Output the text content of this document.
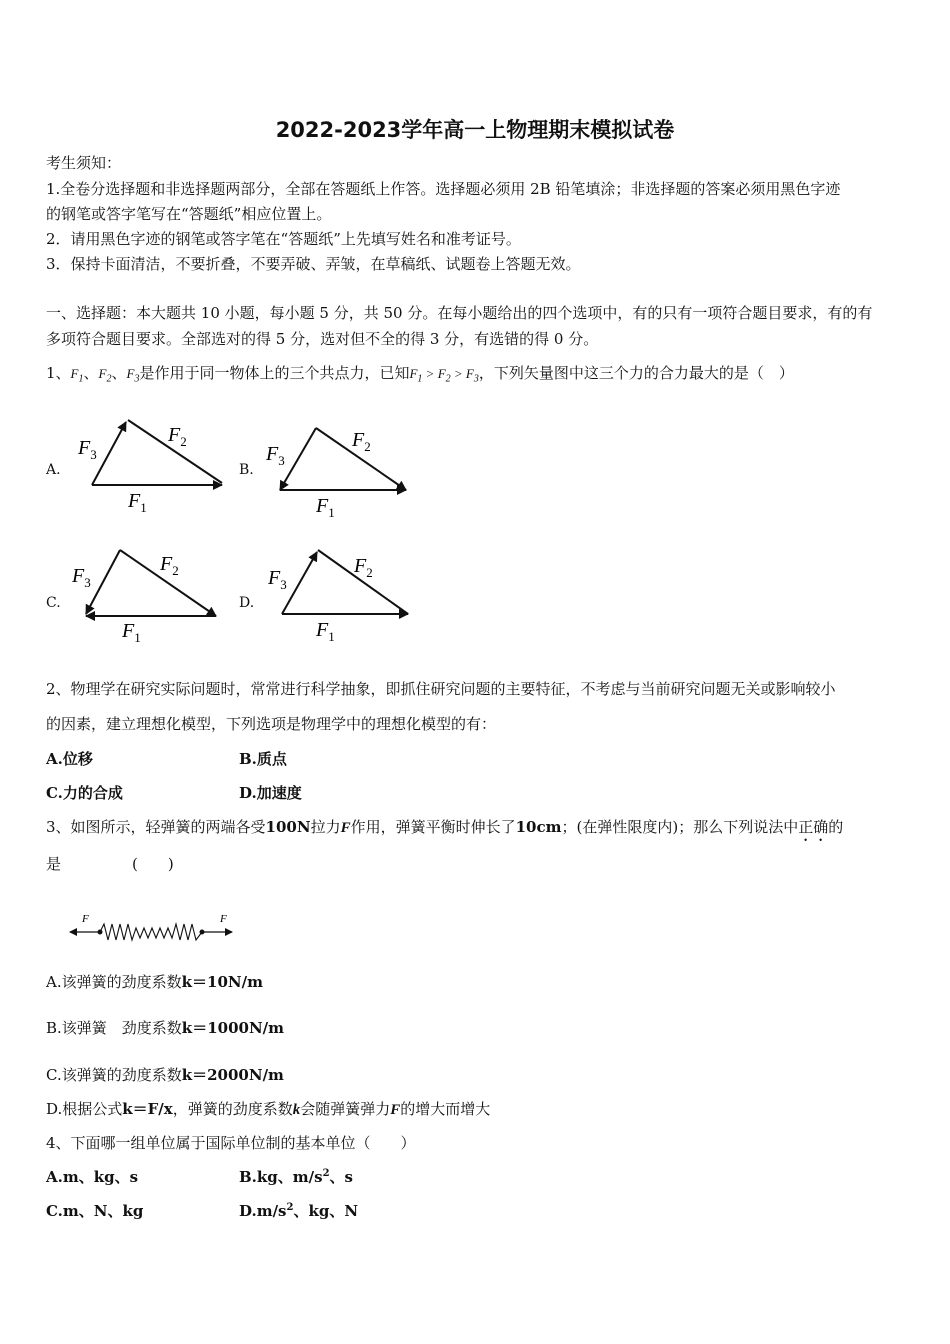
2022-2023学年高一上物理期末模拟试卷
考生须知：
1.全卷分选择题和非选择题两部分，全部在答题纸上作答。选择题必须用 2B 铅笔填涂；非选择题的答案必须用黑色字迹
的钢笔或答字笔写在“答题纸”相应位置上。
2．请用黑色字迹的钢笔或答字笔在“答题纸”上先填写姓名和准考证号。
3．保持卡面清洁，不要折叠，不要弄破、弄皱，在草稿纸、试题卷上答题无效。
一、选择题：本大题共 10 小题，每小题 5 分，共 50 分。在每小题给出的四个选项中，有的只有一项符合题目要求，有的有
多项符合题目要求。全部选对的得 5 分，选对但不全的得 3 分，有选错的得 0 分。
1、$F_1$、$F_2$、$F_3$是作用于同一物体上的三个共点力，已知$F_1 > F_2 > F_3$，下列矢量图中这三个力的合力最大的是（　）
A.	B.
C.	D.
$F_3$
$F_2$
$F_1$
$F_3$
$F_2$
$F_1$
$F_3$
$F_2$
$F_1$
$F_3$
$F_2$
$F_1$
2、物理学在研究实际问题时，常常进行科学抽象，即抓住研究问题的主要特征，不考虑与当前研究问题无关或影响较小
的因素，建立理想化模型，下列选项是物理学中的理想化模型的有：
A.位移	B.质点
C.力的合成	D.加速度
3、如图所示，轻弹簧的两端各受100N拉力F作用，弹簧平衡时伸长了10cm；(在弹性限度内)；那么下列说法中正确的
是	(　　)
F	F
A.该弹簧的劲度系数k＝10N/m
B.该弹簧　劲度系数k＝1000N/m
C.该弹簧的劲度系数k＝2000N/m
D.根据公式k＝F/x，弹簧的劲度系数k会随弹簧弹力F的增大而增大
4、下面哪一组单位属于国际单位制的基本单位（　　）
A.m、kg、s	B.kg、$m/s^2$、s
C.m、N、kg	$D.m/s^2$、kg、N
